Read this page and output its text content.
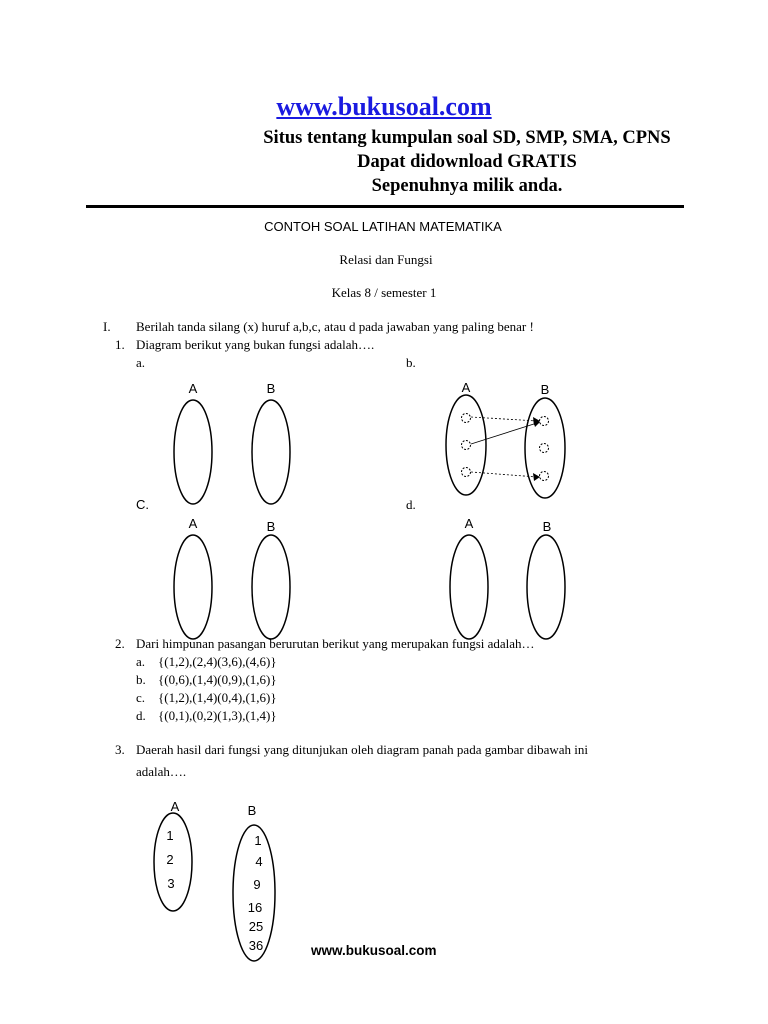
www.bukusoal.com
Situs tentang kumpulan soal SD, SMP, SMA, CPNS
Dapat didownload GRATIS
Sepenuhnya milik anda.
CONTOH SOAL LATIHAN MATEMATIKA
Relasi dan Fungsi
Kelas 8 / semester 1
I. Berilah tanda silang (x) huruf a,b,c, atau d pada jawaban yang paling benar !
1. Diagram berikut yang bukan fungsi adalah….
a.	b.
C.	d.
A	B	A	B
A	B	A	B
2. Dari himpunan pasangan berurutan berikut yang merupakan fungsi adalah…
a. {(1,2),(2,4)(3,6),(4,6)}
b. {(0,6),(1,4)(0,9),(1,6)}
c. {(1,2),(1,4)(0,4),(1,6)}
d. {(0,1),(0,2)(1,3),(1,4)}
3. Daerah hasil dari fungsi yang ditunjukan oleh diagram panah pada gambar dibawah ini
adalah….
A	B
1
2
3
1
4
9
16
25
36	www.bukusoal.com
